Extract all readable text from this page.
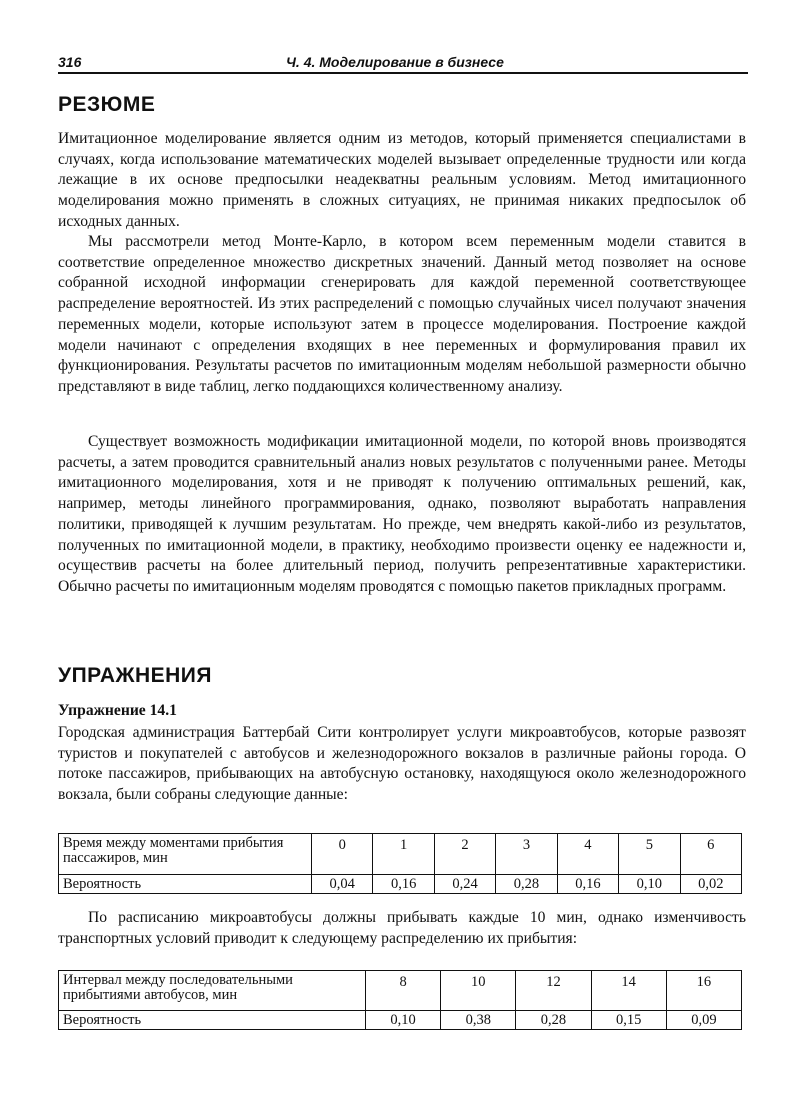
316	Ч. 4. Моделирование в бизнесе
РЕЗЮМЕ

Имитационное моделирование является одним из методов, который применяется специалистами в случаях, когда использование математических моделей вызывает определенные трудности или когда лежащие в их основе предпосылки неадекватны реальным условиям. Метод имитационного моделирования можно применять в сложных ситуациях, не принимая никаких предпосылок об исходных данных.

Мы рассмотрели метод Монте-Карло, в котором всем переменным модели ставится в соответствие определенное множество дискретных значений. Данный метод позволяет на основе собранной исходной информации сгенерировать для каждой переменной соответствующее распределение вероятностей. Из этих распределений с помощью случайных чисел получают значения переменных модели, которые используют затем в процессе моделирования. Построение каждой модели начинают с определения входящих в нее переменных и формулирования правил их функционирования. Результаты расчетов по имитационным моделям небольшой размерности обычно представляют в виде таблиц, легко поддающихся количественному анализу.

Существует возможность модификации имитационной модели, по которой вновь производятся расчеты, а затем проводится сравнительный анализ новых результатов с полученными ранее. Методы имитационного моделирования, хотя и не приводят к получению оптимальных решений, как, например, методы линейного программирования, однако, позволяют выработать направления политики, приводящей к лучшим результатам. Но прежде, чем внедрять какой-либо из результатов, полученных по имитационной модели, в практику, необходимо произвести оценку ее надежности и, осуществив расчеты на более длительный период, получить репрезентативные характеристики. Обычно расчеты по имитационным моделям проводятся с помощью пакетов прикладных программ.

УПРАЖНЕНИЯ

Упражнение 14.1

Городская администрация Баттербай Сити контролирует услуги микроавтобусов, которые развозят туристов и покупателей с автобусов и железнодорожного вокзалов в различные районы города. О потоке пассажиров, прибывающих на автобусную остановку, находящуюся около железнодорожного вокзала, были собраны следующие данные:

Время между моментами прибытия пассажиров, мин	0	1	2	3	4	5	6
Вероятность	0,04	0,16	0,24	0,28	0,16	0,10	0,02

По расписанию микроавтобусы должны прибывать каждые 10 мин, однако изменчивость транспортных условий приводит к следующему распределению их прибытия:

Интервал между последовательными прибытиями автобусов, мин	8	10	12	14	16
Вероятность	0,10	0,38	0,28	0,15	0,09
